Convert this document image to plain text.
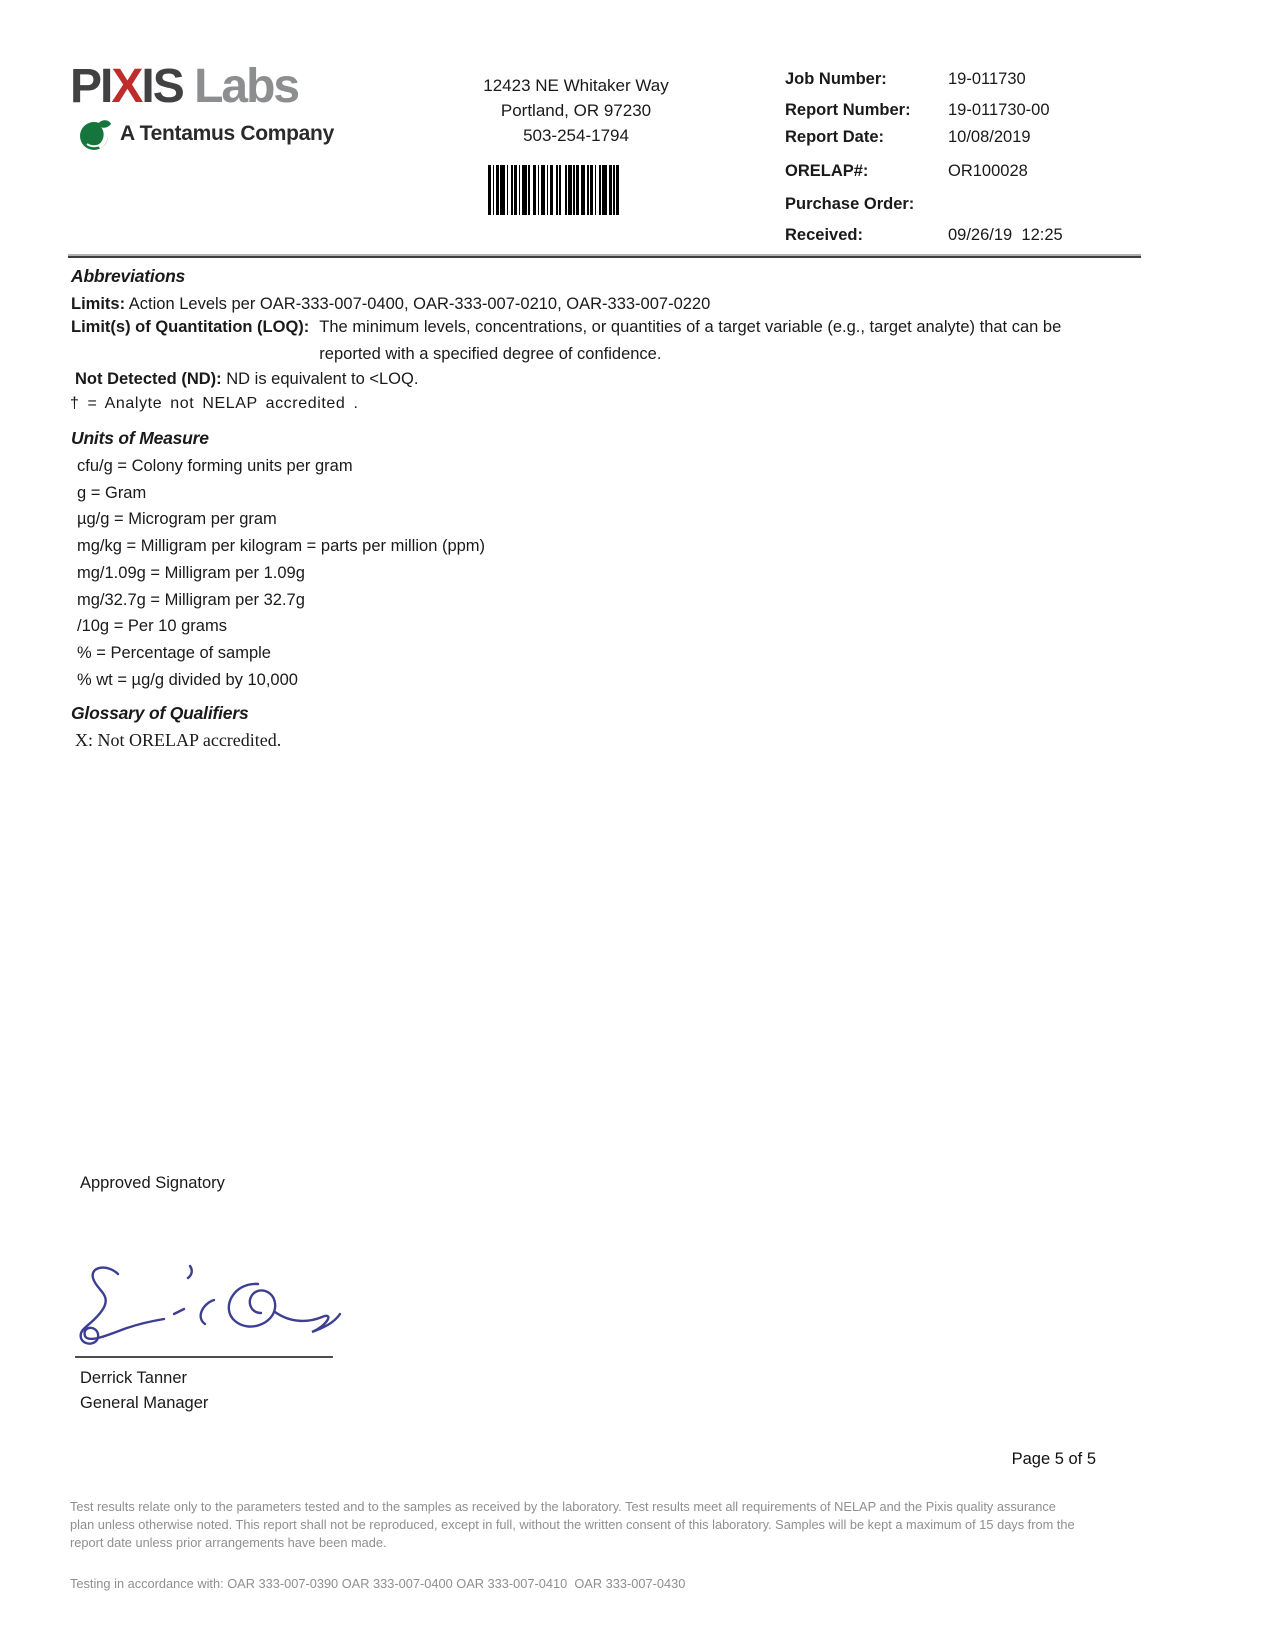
PIXIS Labs
A Tentamus Company
12423 NE Whitaker Way
Portland, OR 97230
503-254-1794
Job Number:	19-011730
Report Number: 19-011730-00
Report Date:	10/08/2019
ORELAP#:	OR100028
Purchase Order:
Received:	09/26/19  12:25
Abbreviations
Limits: Action Levels per OAR-333-007-0400, OAR-333-007-0210, OAR-333-007-0220
Limit(s) of Quantitation (LOQ): The minimum levels, concentrations, or quantities of a target variable (e.g., target analyte) that can be reported with a specified degree of confidence.
Not Detected (ND): ND is equivalent to <LOQ.
† = Analyte not NELAP accredited .
Units of Measure
cfu/g = Colony forming units per gram
g = Gram
µg/g = Microgram per gram
mg/kg = Milligram per kilogram = parts per million (ppm)
mg/1.09g = Milligram per 1.09g
mg/32.7g = Milligram per 32.7g
/10g = Per 10 grams
% = Percentage of sample
% wt = µg/g divided by 10,000
Glossary of Qualifiers
X: Not ORELAP accredited.
Approved Signatory
Derrick Tanner
General Manager
Page 5 of 5
Test results relate only to the parameters tested and to the samples as received by the laboratory. Test results meet all requirements of NELAP and the Pixis quality assurance plan unless otherwise noted. This report shall not be reproduced, except in full, without the written consent of this laboratory. Samples will be kept a maximum of 15 days from the report date unless prior arrangements have been made.
Testing in accordance with: OAR 333-007-0390 OAR 333-007-0400 OAR 333-007-0410  OAR 333-007-0430
